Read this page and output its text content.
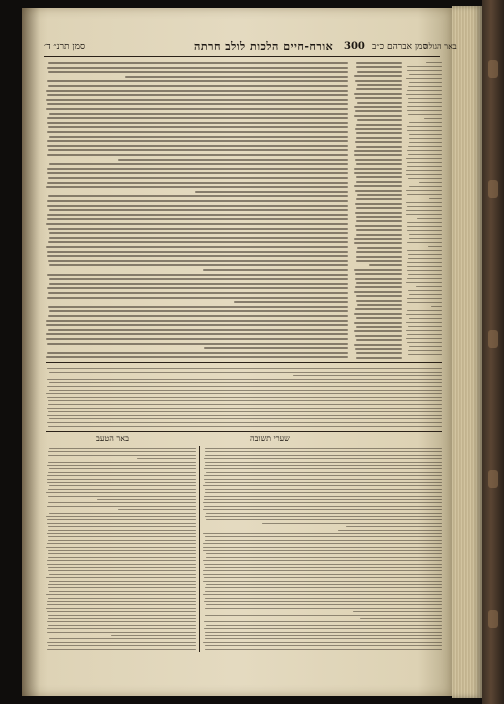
סמן תרנ״ ד׳	אורח-חיים הלכות לולב חרתה 300 סמן אברהם כ״ב
באר הגולה
שערי תשובה
באר הטעב
